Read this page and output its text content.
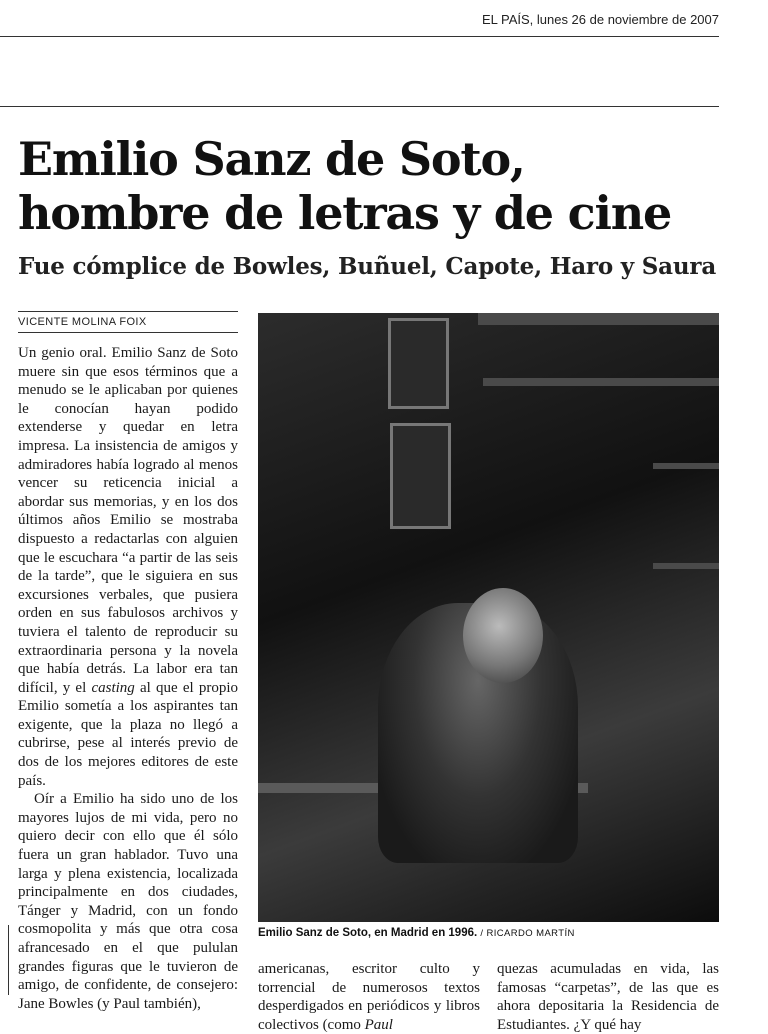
EL PAÍS, lunes 26 de noviembre de 2007
Emilio Sanz de Soto,
hombre de letras y de cine
Fue cómplice de Bowles, Buñuel, Capote, Haro y Saura
VICENTE MOLINA FOIX

Un genio oral. Emilio Sanz de Soto muere sin que esos términos que a menudo se le aplicaban por quienes le conocían hayan podido extenderse y quedar en letra impresa. La insistencia de amigos y admiradores había logrado al menos vencer su reticencia inicial a abordar sus memorias, y en los dos últimos años Emilio se mostraba dispuesto a redactarlas con alguien que le escuchara “a partir de las seis de la tarde”, que le siguiera en sus excursiones verbales, que pusiera orden en sus fabulosos archivos y tuviera el talento de reproducir su extraordinaria persona y la novela que había detrás. La labor era tan difícil, y el casting al que el propio Emilio sometía a los aspirantes tan exigente, que la plaza no llegó a cubrirse, pese al interés previo de dos de los mejores editores de este país.

Oír a Emilio ha sido uno de los mayores lujos de mi vida, pero no quiero decir con ello que él sólo fuera un gran hablador. Tuvo una larga y plena existencia, localizada principalmente en dos ciudades, Tánger y Madrid, con un fondo cosmopolita y más que otra cosa afrancesado en el que pululan grandes figuras que le tuvieron de amigo, de confidente, de consejero: Jane Bowles (y Paul también),

Emilio Sanz de Soto, en Madrid en 1996. / RICARDO MARTÍN

americanas, escritor culto y torrencial de numerosos textos desperdigados en periódicos y libros colectivos (como Paul

quezas acumuladas en vida, las famosas “carpetas”, de las que es ahora depositaria la Residencia de Estudiantes. ¿Y qué hay
